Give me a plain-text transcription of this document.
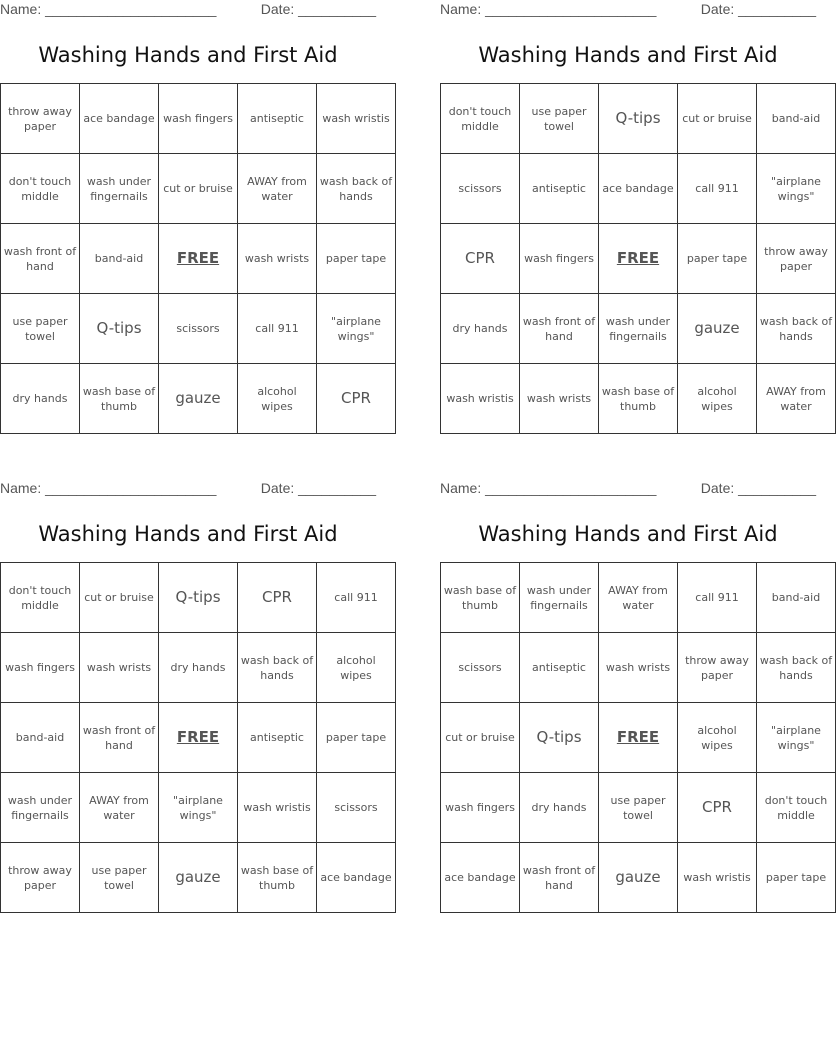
Name: ______________________	Date: __________
Washing Hands and First Aid
throw away paper	ace bandage	wash fingers	antiseptic	wash wristis
don't touch middle	wash under fingernails	cut or bruise	AWAY from water	wash back of hands
wash front of hand	band-aid	FREE	wash wrists	paper tape
use paper towel	Q-tips	scissors	call 911	"airplane wings"
dry hands	wash base of thumb	gauze	alcohol wipes	CPR
Name: ______________________	Date: __________
Washing Hands and First Aid
don't touch middle	use paper towel	Q-tips	cut or bruise	band-aid
scissors	antiseptic	ace bandage	call 911	"airplane wings"
CPR	wash fingers	FREE	paper tape	throw away paper
dry hands	wash front of hand	wash under fingernails	gauze	wash back of hands
wash wristis	wash wrists	wash base of thumb	alcohol wipes	AWAY from water
Name: ______________________	Date: __________
Washing Hands and First Aid
don't touch middle	cut or bruise	Q-tips	CPR	call 911
wash fingers	wash wrists	dry hands	wash back of hands	alcohol wipes
band-aid	wash front of hand	FREE	antiseptic	paper tape
wash under fingernails	AWAY from water	"airplane wings"	wash wristis	scissors
throw away paper	use paper towel	gauze	wash base of thumb	ace bandage
Name: ______________________	Date: __________
Washing Hands and First Aid
wash base of thumb	wash under fingernails	AWAY from water	call 911	band-aid
scissors	antiseptic	wash wrists	throw away paper	wash back of hands
cut or bruise	Q-tips	FREE	alcohol wipes	"airplane wings"
wash fingers	dry hands	use paper towel	CPR	don't touch middle
ace bandage	wash front of hand	gauze	wash wristis	paper tape
